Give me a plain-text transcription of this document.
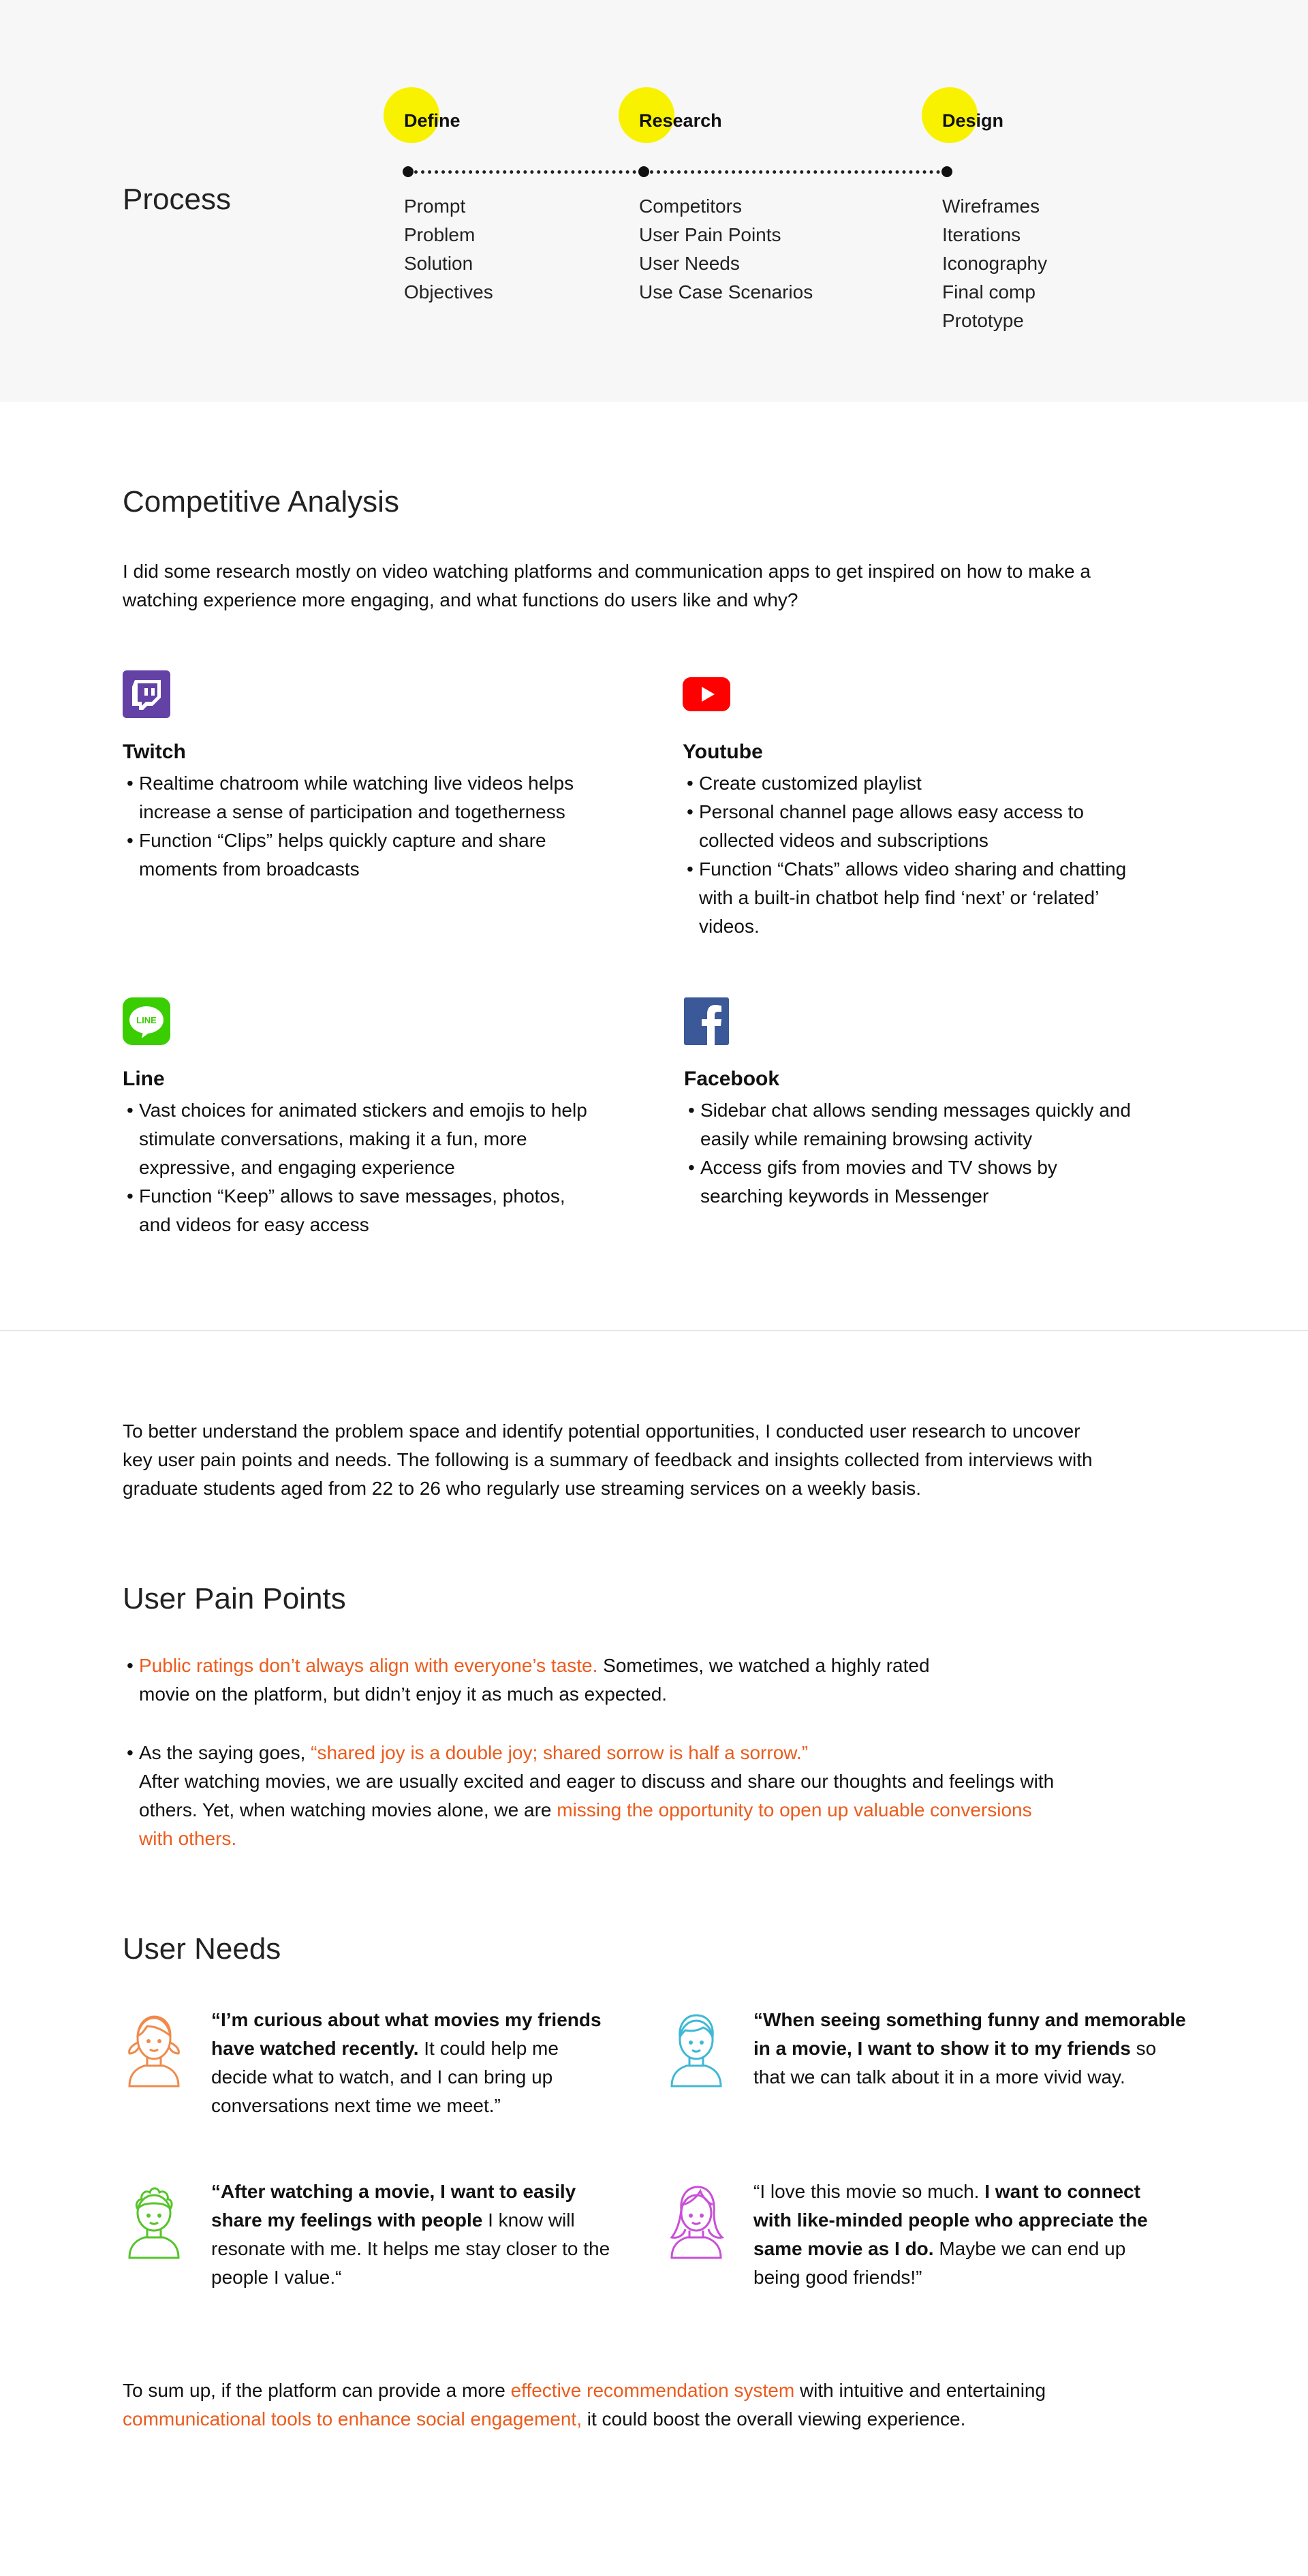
Process
Define
Prompt
Problem
Solution
Objectives
Research
Competitors
User Pain Points
User Needs
Use Case Scenarios
Design
Wireframes
Iterations
Iconography
Final comp
Prototype
Competitive Analysis

I did some research mostly on video watching platforms and communication apps to get inspired on how to make a watching experience more engaging, and what functions do users like and why?

Twitch
• Realtime chatroom while watching live videos helps increase a sense of participation and togetherness
• Function “Clips” helps quickly capture and share moments from broadcasts
Youtube
• Create customized playlist
• Personal channel page allows easy access to collected videos and subscriptions
• Function “Chats” allows video sharing and chatting with a built-in chatbot help find ‘next’ or ‘related’ videos.
LINE
Line
• Vast choices for animated stickers and emojis to help stimulate conversations, making it a fun, more expressive, and engaging experience
• Function “Keep” allows to save messages, photos, and videos for easy access
Facebook
• Sidebar chat allows sending messages quickly and easily while remaining browsing activity
• Access gifs from movies and TV shows by searching keywords in Messenger

To better understand the problem space and identify potential opportunities, I conducted user research to uncover key user pain points and needs. The following is a summary of feedback and insights collected from interviews with graduate students aged from 22 to 26 who regularly use streaming services on a weekly basis.

User Pain Points
• Public ratings don’t always align with everyone’s taste. Sometimes, we watched a highly rated movie on the platform, but didn’t enjoy it as much as expected.
• As the saying goes, “shared joy is a double joy; shared sorrow is half a sorrow.”
After watching movies, we are usually excited and eager to discuss and share our thoughts and feelings with others. Yet, when watching movies alone, we are missing the opportunity to open up valuable conversions with others.
User Needs
“I’m curious about what movies my friends have watched recently. It could help me decide what to watch, and I can bring up conversations next time we meet.”
“When seeing something funny and memorable in a movie, I want to show it to my friends so that we can talk about it in a more vivid way.
“After watching a movie, I want to easily share my feelings with people I know will resonate with me. It helps me stay closer to the people I value.“
“I love this movie so much. I want to connect with like-minded people who appreciate the same movie as I do. Maybe we can end up being good friends!”

To sum up, if the platform can provide a more effective recommendation system with intuitive and entertaining
communicational tools to enhance social engagement, it could boost the overall viewing experience.
